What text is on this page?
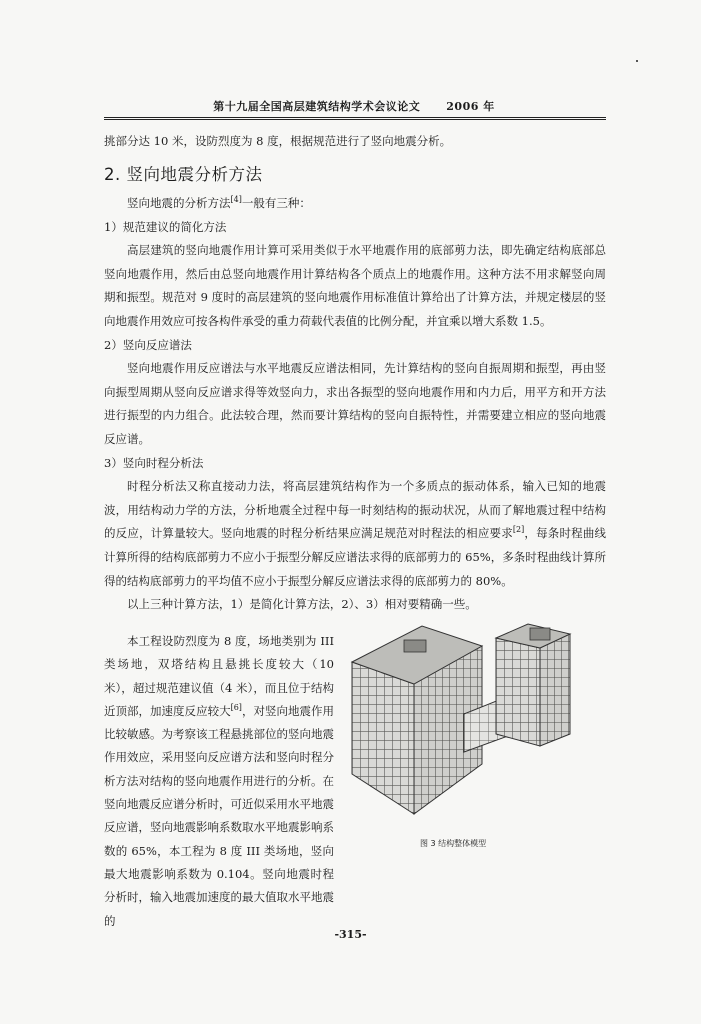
第十九届全国高层建筑结构学术会议论文 2006 年

挑部分达 10 米，设防烈度为 8 度，根据规范进行了竖向地震分析。

2. 竖向地震分析方法

竖向地震的分析方法[4]一般有三种：

1）规范建议的简化方法

高层建筑的竖向地震作用计算可采用类似于水平地震作用的底部剪力法，即先确定结构底部总竖向地震作用，然后由总竖向地震作用计算结构各个质点上的地震作用。这种方法不用求解竖向周期和振型。规范对 9 度时的高层建筑的竖向地震作用标准值计算给出了计算方法，并规定楼层的竖向地震作用效应可按各构件承受的重力荷载代表值的比例分配，并宜乘以增大系数 1.5。

2）竖向反应谱法

竖向地震作用反应谱法与水平地震反应谱法相同，先计算结构的竖向自振周期和振型，再由竖向振型周期从竖向反应谱求得等效竖向力，求出各振型的竖向地震作用和内力后，用平方和开方法进行振型的内力组合。此法较合理，然而要计算结构的竖向自振特性，并需要建立相应的竖向地震反应谱。

3）竖向时程分析法

时程分析法又称直接动力法，将高层建筑结构作为一个多质点的振动体系，输入已知的地震波，用结构动力学的方法，分析地震全过程中每一时刻结构的振动状况，从而了解地震过程中结构的反应，计算量较大。竖向地震的时程分析结果应满足规范对时程法的相应要求[2]，每条时程曲线计算所得的结构底部剪力不应小于振型分解反应谱法求得的底部剪力的 65%，多条时程曲线计算所得的结构底部剪力的平均值不应小于振型分解反应谱法求得的底部剪力的 80%。

以上三种计算方法，1）是简化计算方法，2）、3）相对要精确一些。

本工程设防烈度为 8 度，场地类别为 III 类场地，双塔结构且悬挑长度较大（10 米），超过规范建议值（4 米），而且位于结构近顶部，加速度反应较大[6]，对竖向地震作用比较敏感。为考察该工程悬挑部位的竖向地震作用效应，采用竖向反应谱方法和竖向时程分析方法对结构的竖向地震作用进行的分析。在竖向地震反应谱分析时，可近似采用水平地震反应谱，竖向地震影响系数取水平地震影响系数的 65%，本工程为 8 度 III 类场地，竖向最大地震影响系数为 0.104。竖向地震时程分析时，输入地震加速度的最大值取水平地震的

图 3 结构整体模型
-315-
